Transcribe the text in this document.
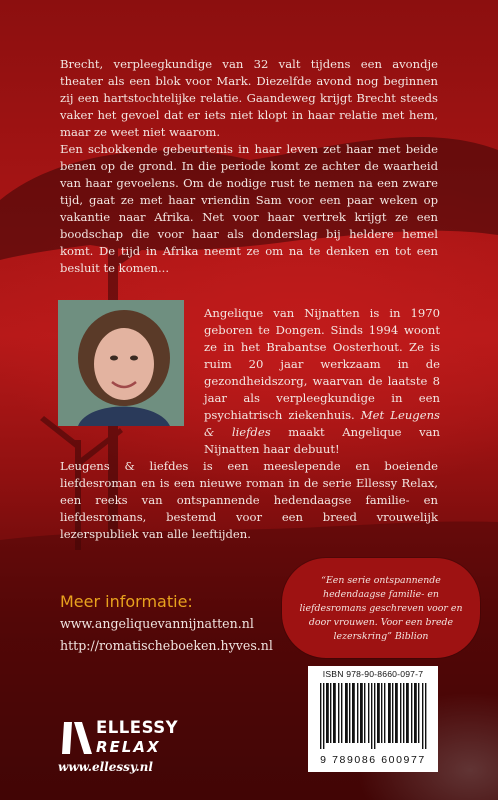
Brecht, verpleegkundige van 32 valt tijdens een avondje theater als een blok voor Mark. Diezelfde avond nog beginnen zij een hartstochtelijke relatie. Gaandeweg krijgt Brecht steeds vaker het gevoel dat er iets niet klopt in haar relatie met hem, maar ze weet niet waarom.
Een schokkende gebeurtenis in haar leven zet haar met beide benen op de grond. In die periode komt ze achter de waarheid van haar gevoelens. Om de nodige rust te nemen na een zware tijd, gaat ze met haar vriendin Sam voor een paar weken op vakantie naar Afrika. Net voor haar vertrek krijgt ze een boodschap die voor haar als donderslag bij heldere hemel komt. De tijd in Afrika neemt ze om na te denken en tot een besluit te komen...

Angelique van Nijnatten is in 1970 geboren te Dongen. Sinds 1994 woont ze in het Brabantse Oosterhout. Ze is ruim 20 jaar werkzaam in de gezondheidszorg, waarvan de laatste 8 jaar als verpleegkundige in een psychiatrisch ziekenhuis. Met Leugens & liefdes maakt Angelique van Nijnatten haar debuut!

Leugens & liefdes is een meeslepende en boeiende liefdesroman en is een nieuwe roman in de serie Ellessy Relax, een reeks van ontspannende hedendaagse familie- en liefdesromans, bestemd voor een breed vrouwelijk lezerspubliek van alle leeftijden.

“Een serie ontspannende hedendaagse familie- en liefdesromans geschreven voor en door vrouwen. Voor een brede lezerskring” Biblion
Meer informatie:
www.angeliquevannijnatten.nl
http://romatischeboeken.hyves.nl
ELLESSY
RELAX
www.ellessy.nl
ISBN 978-90-8660-097-7
9 789086 600977
